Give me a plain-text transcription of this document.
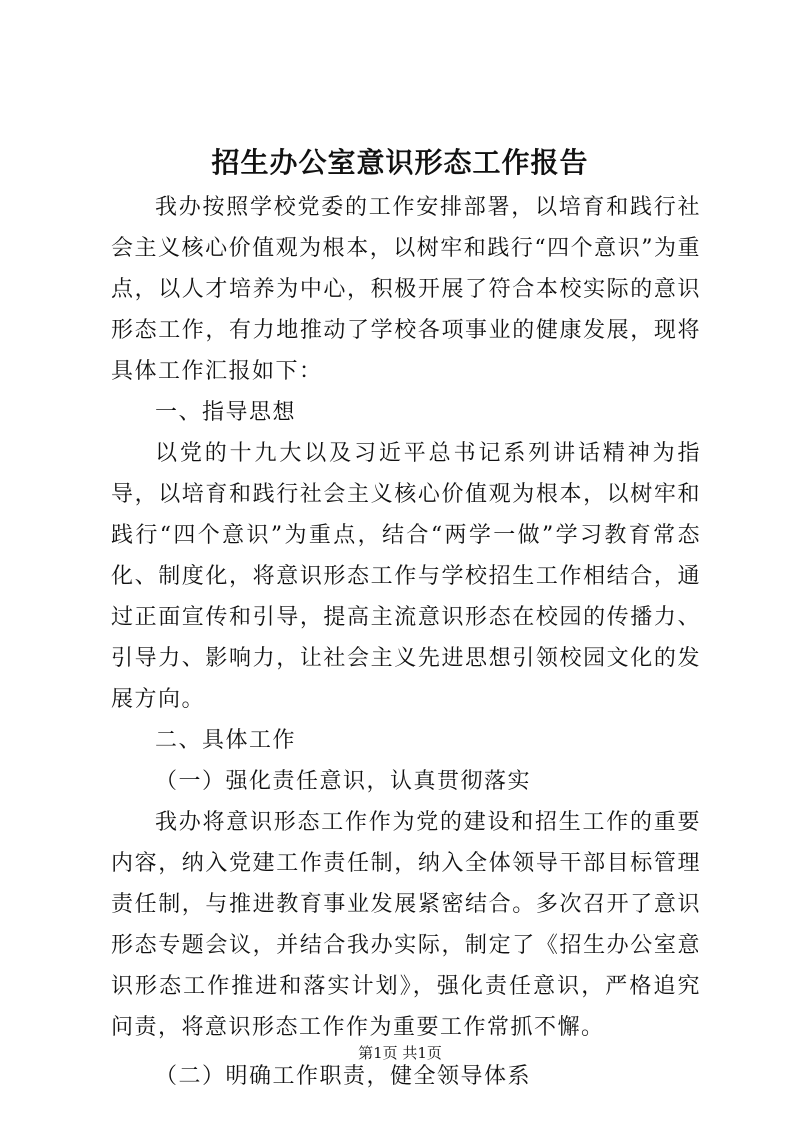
招生办公室意识形态工作报告

我办按照学校党委的工作安排部署，以培育和践行社会主义核心价值观为根本，以树牢和践行“四个意识”为重点，以人才培养为中心，积极开展了符合本校实际的意识形态工作，有力地推动了学校各项事业的健康发展，现将具体工作汇报如下：

一、指导思想

以党的十九大以及习近平总书记系列讲话精神为指导，以培育和践行社会主义核心价值观为根本，以树牢和践行“四个意识”为重点，结合“两学一做”学习教育常态化、制度化，将意识形态工作与学校招生工作相结合，通过正面宣传和引导，提高主流意识形态在校园的传播力、引导力、影响力，让社会主义先进思想引领校园文化的发展方向。

二、具体工作

（一）强化责任意识，认真贯彻落实

我办将意识形态工作作为党的建设和招生工作的重要内容，纳入党建工作责任制，纳入全体领导干部目标管理责任制，与推进教育事业发展紧密结合。多次召开了意识形态专题会议，并结合我办实际，制定了《招生办公室意识形态工作推进和落实计划》，强化责任意识，严格追究问责，将意识形态工作作为重要工作常抓不懈。

（二）明确工作职责，健全领导体系

第1页 共1页
